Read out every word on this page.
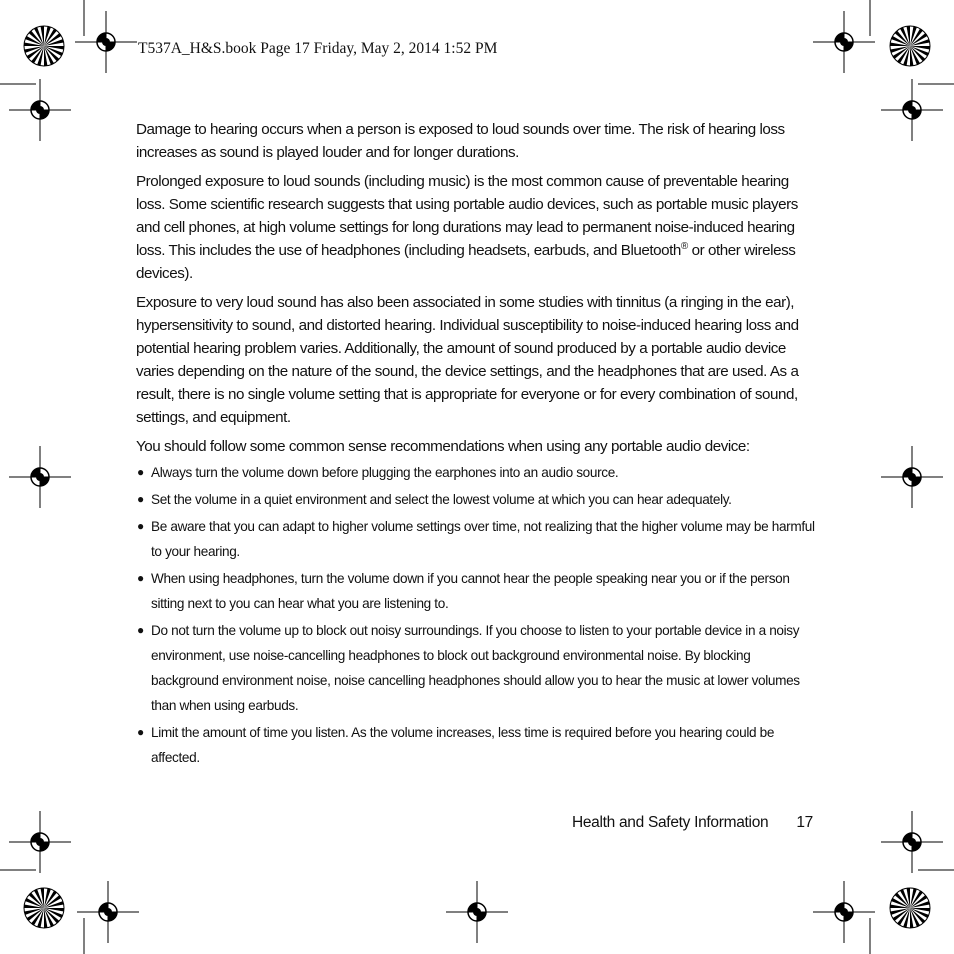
T537A_H&S.book Page 17 Friday, May 2, 2014 1:52 PM

Damage to hearing occurs when a person is exposed to loud sounds over time. The risk of hearing loss increases as sound is played louder and for longer durations.

Prolonged exposure to loud sounds (including music) is the most common cause of preventable hearing loss. Some scientific research suggests that using portable audio devices, such as portable music players and cell phones, at high volume settings for long durations may lead to permanent noise-induced hearing loss. This includes the use of headphones (including headsets, earbuds, and Bluetooth® or other wireless devices).

Exposure to very loud sound has also been associated in some studies with tinnitus (a ringing in the ear), hypersensitivity to sound, and distorted hearing. Individual susceptibility to noise-induced hearing loss and potential hearing problem varies. Additionally, the amount of sound produced by a portable audio device varies depending on the nature of the sound, the device settings, and the headphones that are used. As a result, there is no single volume setting that is appropriate for everyone or for every combination of sound, settings, and equipment.

You should follow some common sense recommendations when using any portable audio device:

● Always turn the volume down before plugging the earphones into an audio source.
● Set the volume in a quiet environment and select the lowest volume at which you can hear adequately.
● Be aware that you can adapt to higher volume settings over time, not realizing that the higher volume may be harmful to your hearing.
● When using headphones, turn the volume down if you cannot hear the people speaking near you or if the person sitting next to you can hear what you are listening to.
● Do not turn the volume up to block out noisy surroundings. If you choose to listen to your portable device in a noisy environment, use noise-cancelling headphones to block out background environmental noise. By blocking background environment noise, noise cancelling headphones should allow you to hear the music at lower volumes than when using earbuds.
● Limit the amount of time you listen. As the volume increases, less time is required before you hearing could be affected.
Health and Safety Information 17
